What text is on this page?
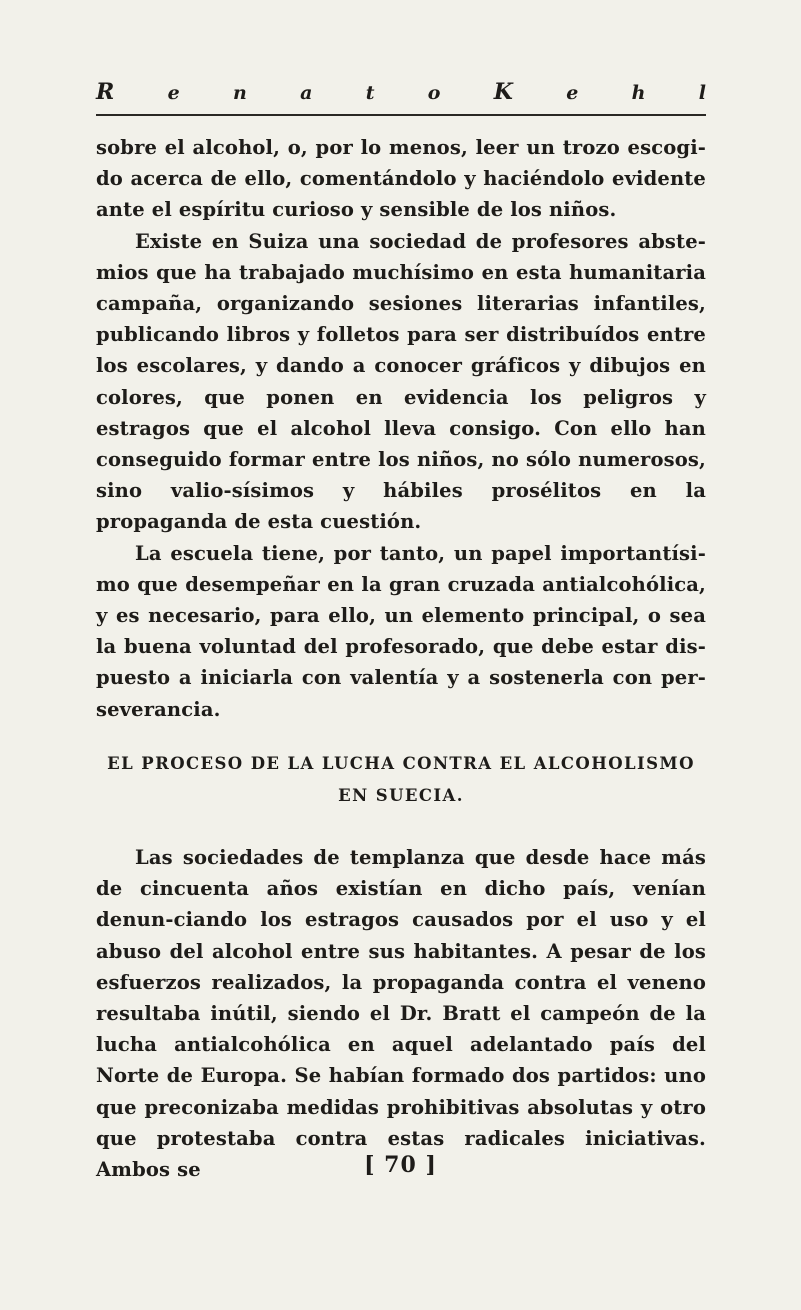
R	e	n	a	t	o K	e	h	l

sobre el alcohol, o, por lo menos, leer un trozo escogi-do acerca de ello, comentándolo y haciéndolo evidente ante el espíritu curioso y sensible de los niños.

Existe en Suiza una sociedad de profesores abste-mios que ha trabajado muchísimo en esta humanitaria campaña, organizando sesiones literarias infantiles, publicando libros y folletos para ser distribuídos entre los escolares, y dando a conocer gráficos y dibujos en colores, que ponen en evidencia los peligros y estragos que el alcohol lleva consigo. Con ello han conseguido formar entre los niños, no sólo numerosos, sino valio-sísimos y hábiles prosélitos en la propaganda de esta cuestión.

La escuela tiene, por tanto, un papel importantísi-mo que desempeñar en la gran cruzada antialcohólica, y es necesario, para ello, un elemento principal, o sea la buena voluntad del profesorado, que debe estar dis-puesto a iniciarla con valentía y a sostenerla con per-severancia.

EL PROCESO DE LA LUCHA CONTRA EL ALCOHOLISMO
EN SUECIA.

Las sociedades de templanza que desde hace más de cincuenta años existían en dicho país, venían denun-ciando los estragos causados por el uso y el abuso del alcohol entre sus habitantes. A pesar de los esfuerzos realizados, la propaganda contra el veneno resultaba inútil, siendo el Dr. Bratt el campeón de la lucha antialcohólica en aquel adelantado país del Norte de Europa. Se habían formado dos partidos: uno que preconizaba medidas prohibitivas absolutas y otro que protestaba contra estas radicales iniciativas. Ambos se	[ 70 ]
